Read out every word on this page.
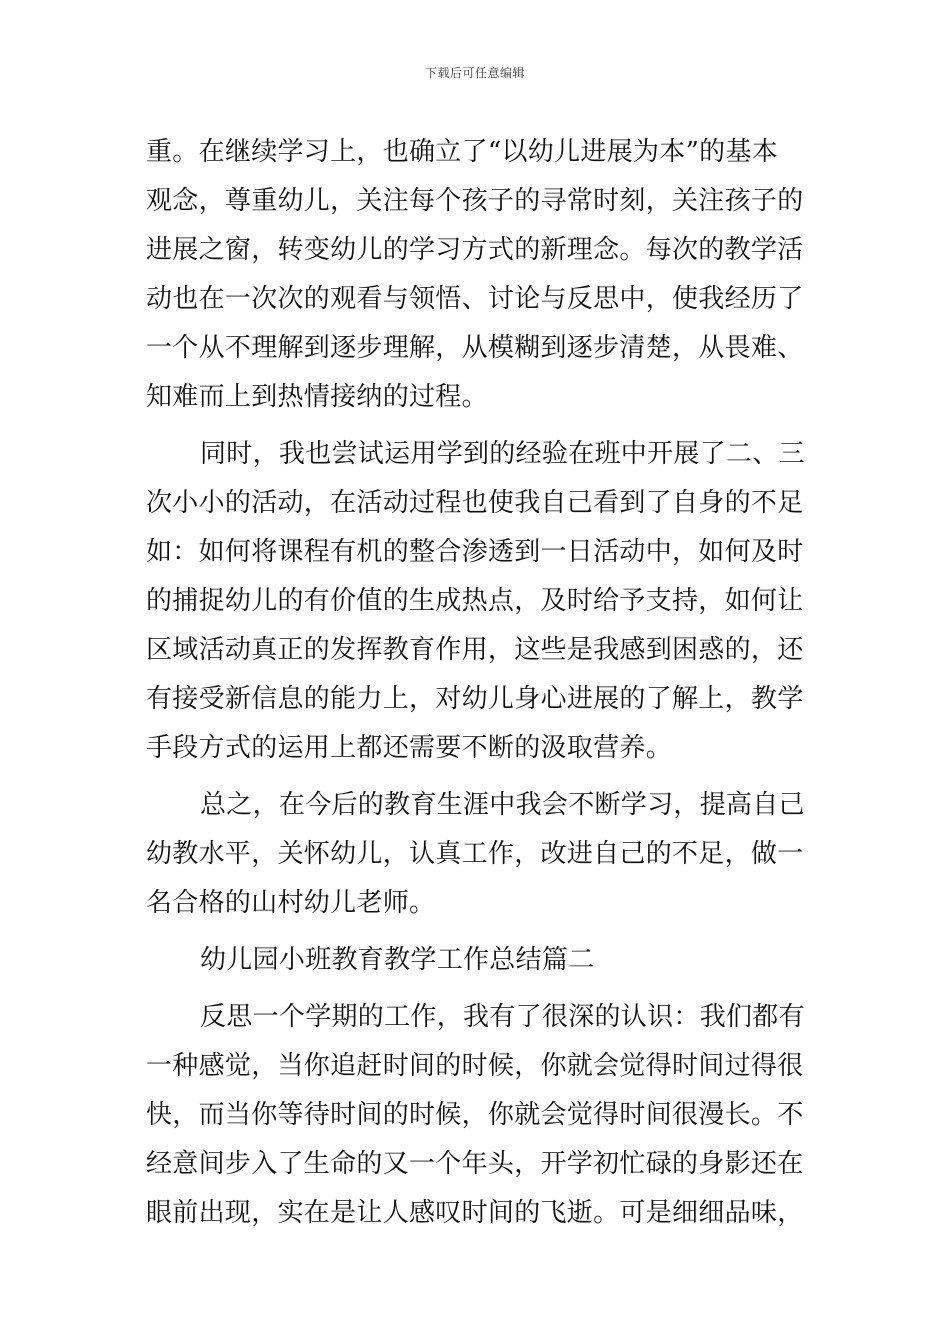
下载后可任意编辑
重。在继续学习上，也确立了“以幼儿进展为本”的基本
观念，尊重幼儿，关注每个孩子的寻常时刻，关注孩子的
进展之窗，转变幼儿的学习方式的新理念。每次的教学活
动也在一次次的观看与领悟、讨论与反思中，使我经历了
一个从不理解到逐步理解，从模糊到逐步清楚，从畏难、
知难而上到热情接纳的过程。
同时，我也尝试运用学到的经验在班中开展了二、三
次小小的活动，在活动过程也使我自己看到了自身的不足
如：如何将课程有机的整合渗透到一日活动中，如何及时
的捕捉幼儿的有价值的生成热点，及时给予支持，如何让
区域活动真正的发挥教育作用，这些是我感到困惑的，还
有接受新信息的能力上，对幼儿身心进展的了解上，教学
手段方式的运用上都还需要不断的汲取营养。
总之，在今后的教育生涯中我会不断学习，提高自己
幼教水平，关怀幼儿，认真工作，改进自己的不足，做一
名合格的山村幼儿老师。
幼儿园小班教育教学工作总结篇二
反思一个学期的工作，我有了很深的认识：我们都有
一种感觉，当你追赶时间的时候，你就会觉得时间过得很
快，而当你等待时间的时候，你就会觉得时间很漫长。不
经意间步入了生命的又一个年头，开学初忙碌的身影还在
眼前出现，实在是让人感叹时间的飞逝。可是细细品味，
